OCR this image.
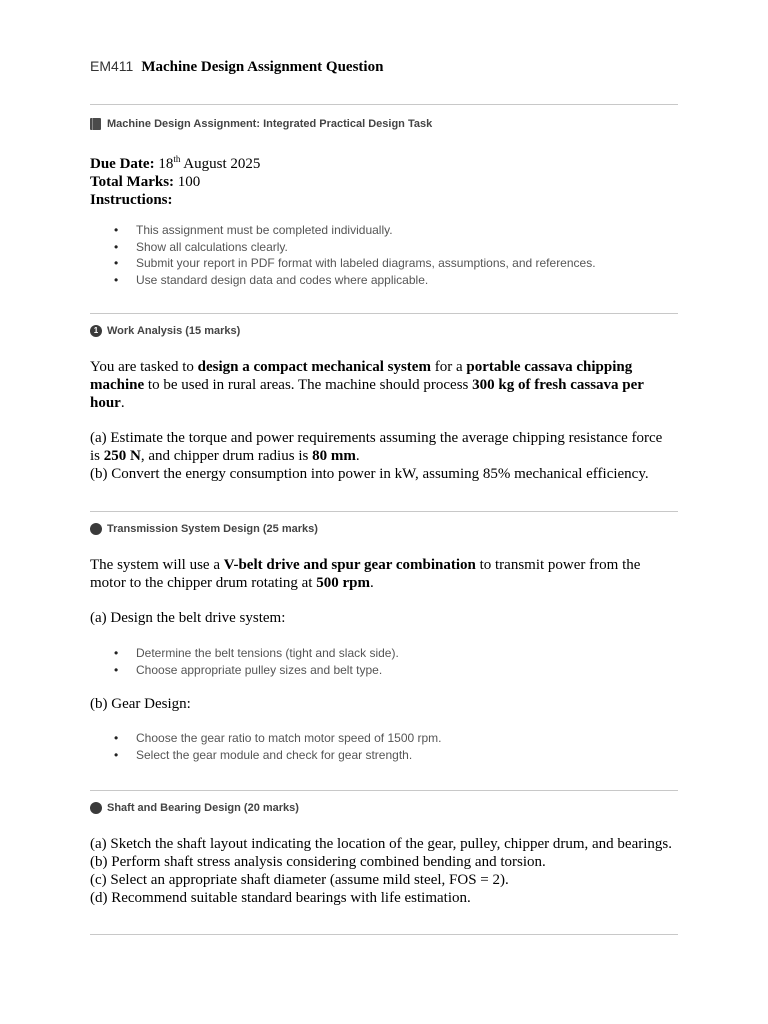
EM411 Machine Design Assignment Question
Machine Design Assignment: Integrated Practical Design Task
Due Date: 18th August 2025
Total Marks: 100
Instructions:
• This assignment must be completed individually.
• Show all calculations clearly.
• Submit your report in PDF format with labeled diagrams, assumptions, and references.
• Use standard design data and codes where applicable.
1 Work Analysis (15 marks)
You are tasked to design a compact mechanical system for a portable cassava chipping
machine to be used in rural areas. The machine should process 300 kg of fresh cassava per
hour.
(a) Estimate the torque and power requirements assuming the average chipping resistance force
is 250 N, and chipper drum radius is 80 mm.
(b) Convert the energy consumption into power in kW, assuming 85% mechanical efficiency.
Transmission System Design (25 marks)
The system will use a V-belt drive and spur gear combination to transmit power from the
motor to the chipper drum rotating at 500 rpm.
(a) Design the belt drive system:
• Determine the belt tensions (tight and slack side).
• Choose appropriate pulley sizes and belt type.
(b) Gear Design:
• Choose the gear ratio to match motor speed of 1500 rpm.
• Select the gear module and check for gear strength.
Shaft and Bearing Design (20 marks)
(a) Sketch the shaft layout indicating the location of the gear, pulley, chipper drum, and bearings.
(b) Perform shaft stress analysis considering combined bending and torsion.
(c) Select an appropriate shaft diameter (assume mild steel, FOS = 2).
(d) Recommend suitable standard bearings with life estimation.
